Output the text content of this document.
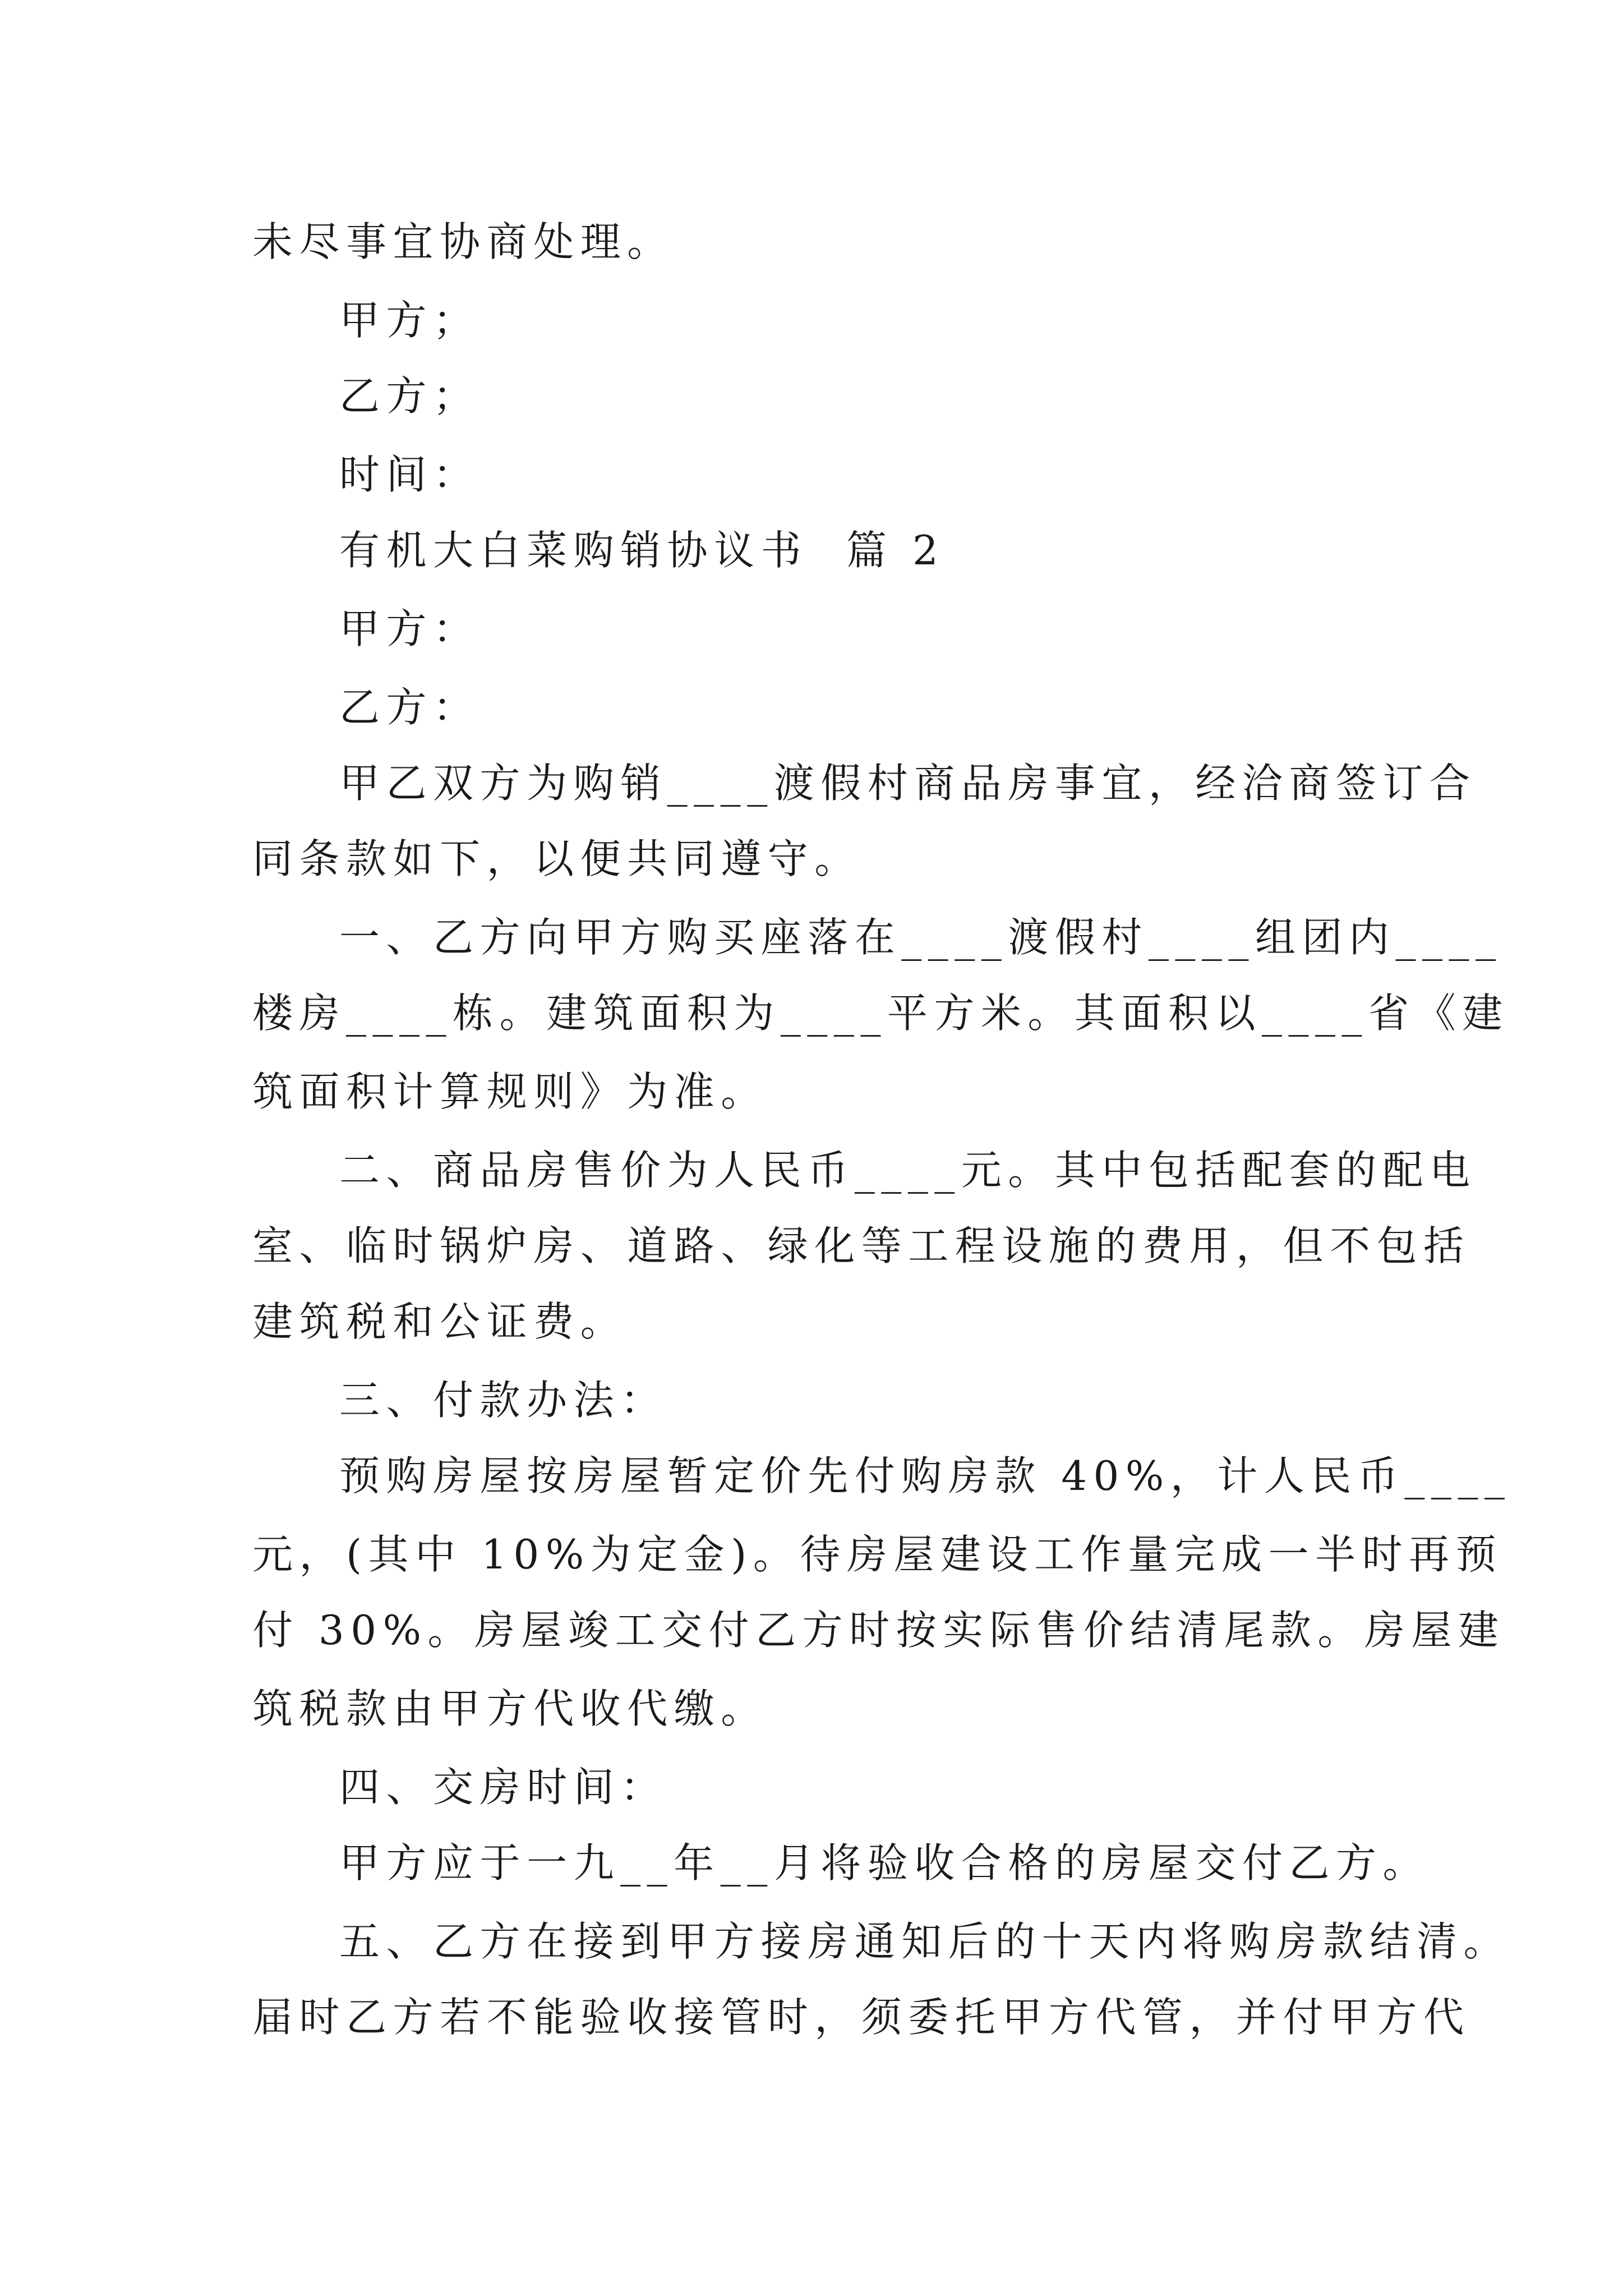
未尽事宜协商处理。
甲方；
乙方；
时间：
有机大白菜购销协议书  篇 2
甲方：
乙方：
甲乙双方为购销____渡假村商品房事宜，经洽商签订合
同条款如下，以便共同遵守。
一、乙方向甲方购买座落在____渡假村____组团内____
楼房____栋。建筑面积为____平方米。其面积以____省《建
筑面积计算规则》为准。
二、商品房售价为人民币____元。其中包括配套的配电
室、临时锅炉房、道路、绿化等工程设施的费用，但不包括
建筑税和公证费。
三、付款办法：
预购房屋按房屋暂定价先付购房款 40%，计人民币____
元，(其中 10%为定金)。待房屋建设工作量完成一半时再预
付 30%。房屋竣工交付乙方时按实际售价结清尾款。房屋建
筑税款由甲方代收代缴。
四、交房时间：
甲方应于一九__年__月将验收合格的房屋交付乙方。
五、乙方在接到甲方接房通知后的十天内将购房款结清。
届时乙方若不能验收接管时，须委托甲方代管，并付甲方代
